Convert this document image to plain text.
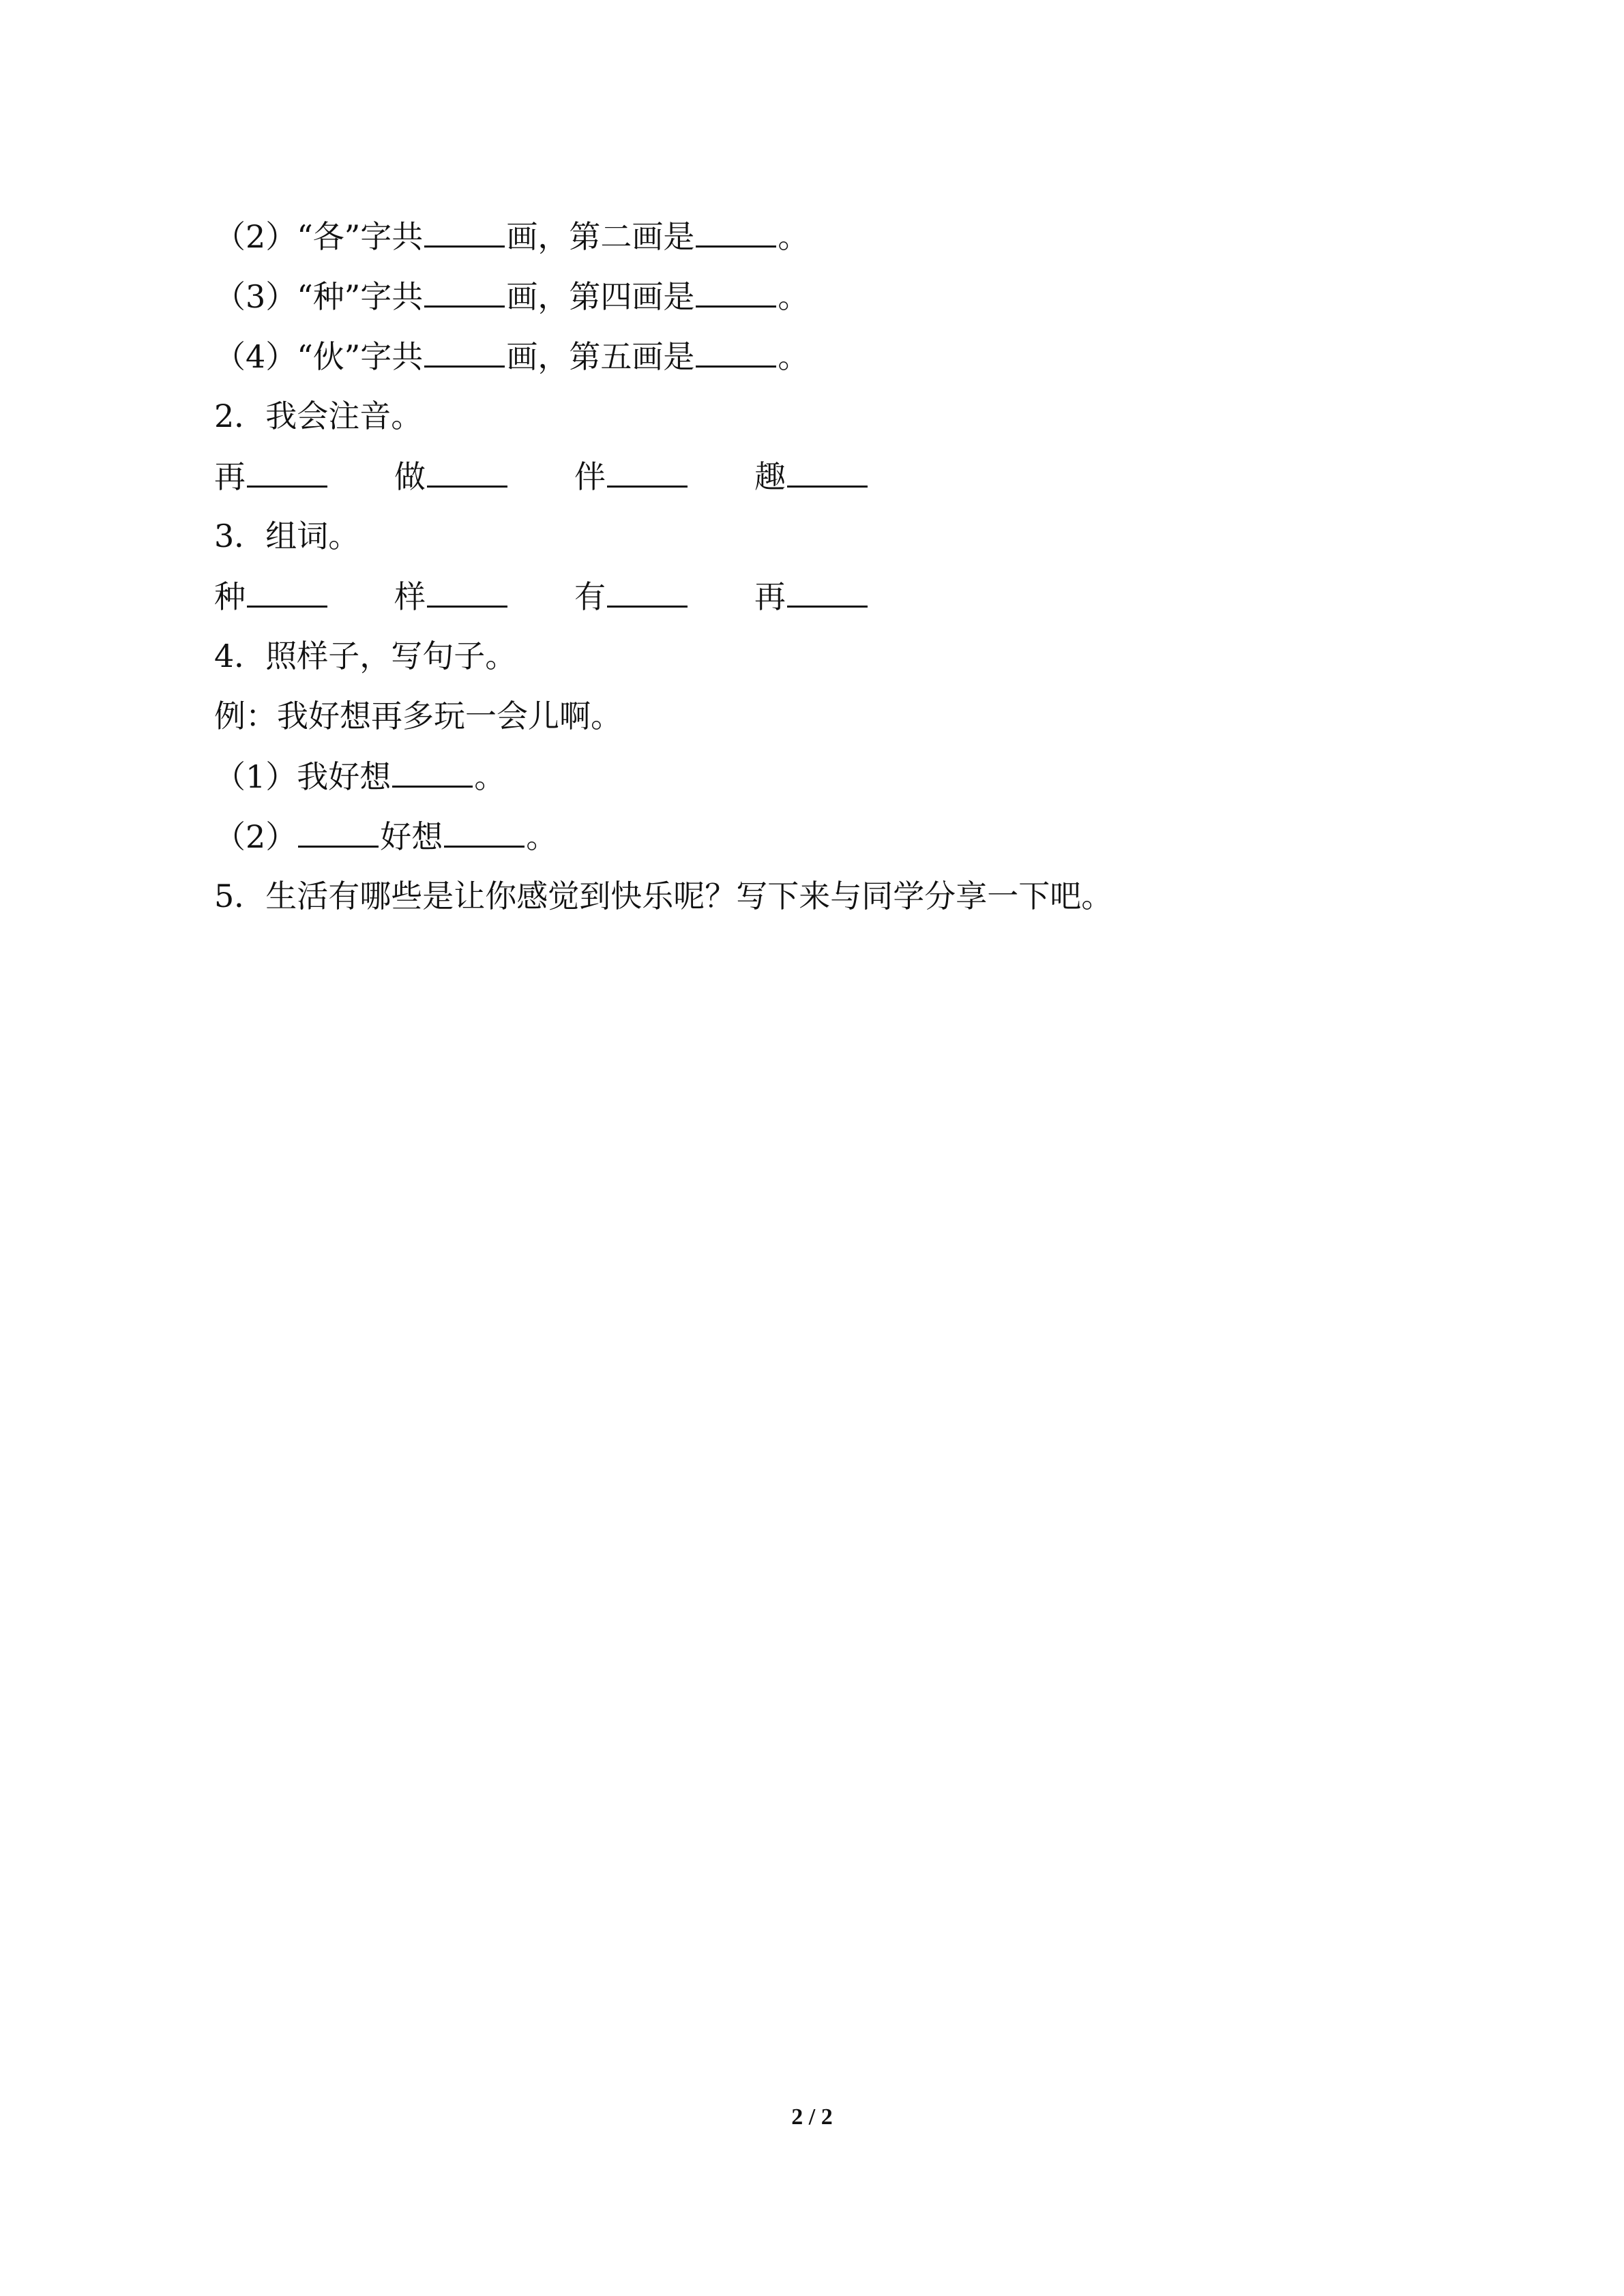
（2）“各”字共	画，第二画是	。
（3）“种”字共	画，第四画是	。
（4）“伙”字共	画，第五画是	。
2．我会注音。
再	做	伴	趣
3．组词。
种	样	有	再
4．照样子，写句子。
例：我好想再多玩一会儿啊。
（1）我好想	。
（2）	好想	。
5．生活有哪些是让你感觉到快乐呢？写下来与同学分享一下吧。
2 / 2
